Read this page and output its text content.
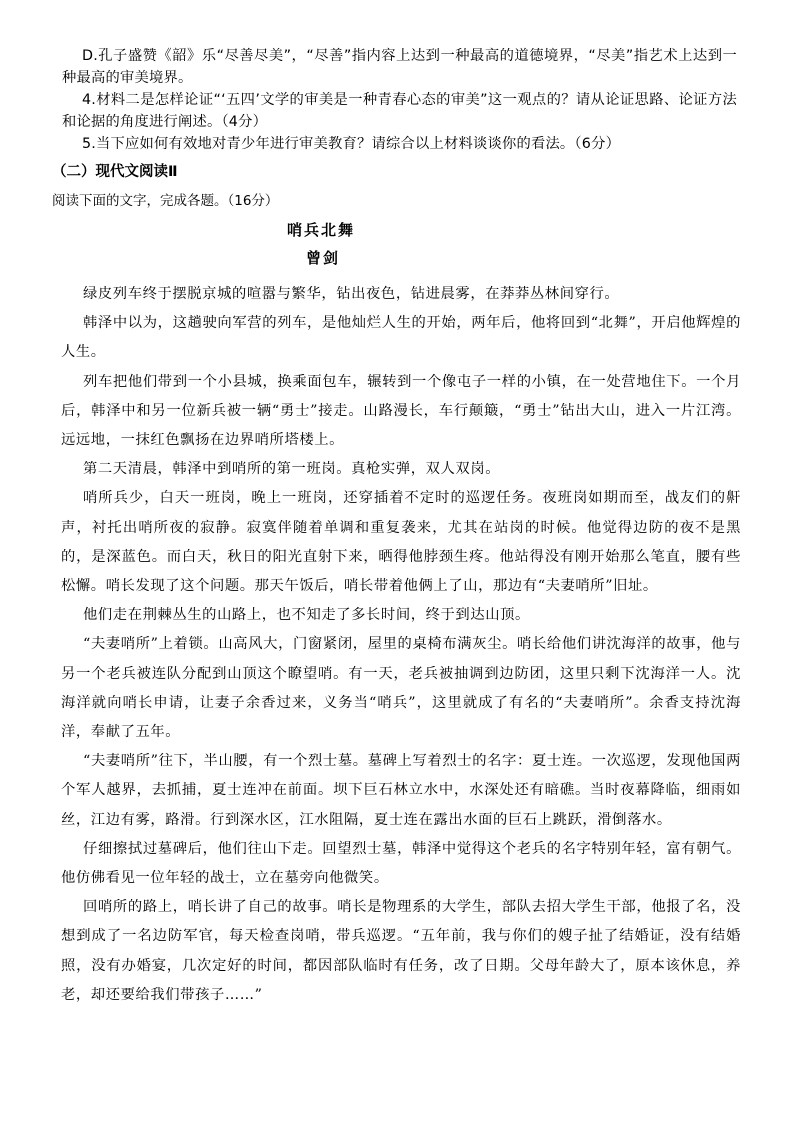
D.孔子盛赞《韶》乐“尽善尽美”，“尽善”指内容上达到一种最高的道德境界，“尽美”指艺术上达到一种最高的审美境界。

4.材料二是怎样论证“‘五四’文学的审美是一种青春心态的审美”这一观点的？请从论证思路、论证方法和论据的角度进行阐述。（4分）

5.当下应如何有效地对青少年进行审美教育？请综合以上材料谈谈你的看法。（6分）

（二）现代文阅读Ⅱ
阅读下面的文字，完成各题。（16分）
哨兵北舞
曾剑

绿皮列车终于摆脱京城的喧嚣与繁华，钻出夜色，钻进晨雾，在莽莽丛林间穿行。

韩泽中以为，这趟驶向军营的列车，是他灿烂人生的开始，两年后，他将回到“北舞”，开启他辉煌的人生。

列车把他们带到一个小县城，换乘面包车，辗转到一个像屯子一样的小镇，在一处营地住下。一个月后，韩泽中和另一位新兵被一辆“勇士”接走。山路漫长，车行颠簸，“勇士”钻出大山，进入一片江湾。远远地，一抹红色飘扬在边界哨所塔楼上。

第二天清晨，韩泽中到哨所的第一班岗。真枪实弹，双人双岗。

哨所兵少，白天一班岗，晚上一班岗，还穿插着不定时的巡逻任务。夜班岗如期而至，战友们的鼾声，衬托出哨所夜的寂静。寂寞伴随着单调和重复袭来，尤其在站岗的时候。他觉得边防的夜不是黑的，是深蓝色。而白天，秋日的阳光直射下来，晒得他脖颈生疼。他站得没有刚开始那么笔直，腰有些松懈。哨长发现了这个问题。那天午饭后，哨长带着他俩上了山，那边有“夫妻哨所”旧址。

他们走在荆棘丛生的山路上，也不知走了多长时间，终于到达山顶。

“夫妻哨所”上着锁。山高风大，门窗紧闭，屋里的桌椅布满灰尘。哨长给他们讲沈海洋的故事，他与另一个老兵被连队分配到山顶这个瞭望哨。有一天，老兵被抽调到边防团，这里只剩下沈海洋一人。沈海洋就向哨长申请，让妻子余香过来，义务当“哨兵”，这里就成了有名的“夫妻哨所”。余香支持沈海洋，奉献了五年。

“夫妻哨所”往下，半山腰，有一个烈士墓。墓碑上写着烈士的名字：夏士连。一次巡逻，发现他国两个军人越界，去抓捕，夏士连冲在前面。坝下巨石林立水中，水深处还有暗礁。当时夜幕降临，细雨如丝，江边有雾，路滑。行到深水区，江水阻隔，夏士连在露出水面的巨石上跳跃，滑倒落水。

仔细擦拭过墓碑后，他们往山下走。回望烈士墓，韩泽中觉得这个老兵的名字特别年轻，富有朝气。他仿佛看见一位年轻的战士，立在墓旁向他微笑。

回哨所的路上，哨长讲了自己的故事。哨长是物理系的大学生，部队去招大学生干部，他报了名，没想到成了一名边防军官，每天检查岗哨，带兵巡逻。“五年前，我与你们的嫂子扯了结婚证，没有结婚照，没有办婚宴，几次定好的时间，都因部队临时有任务，改了日期。父母年龄大了，原本该休息，养老，却还要给我们带孩子……”
